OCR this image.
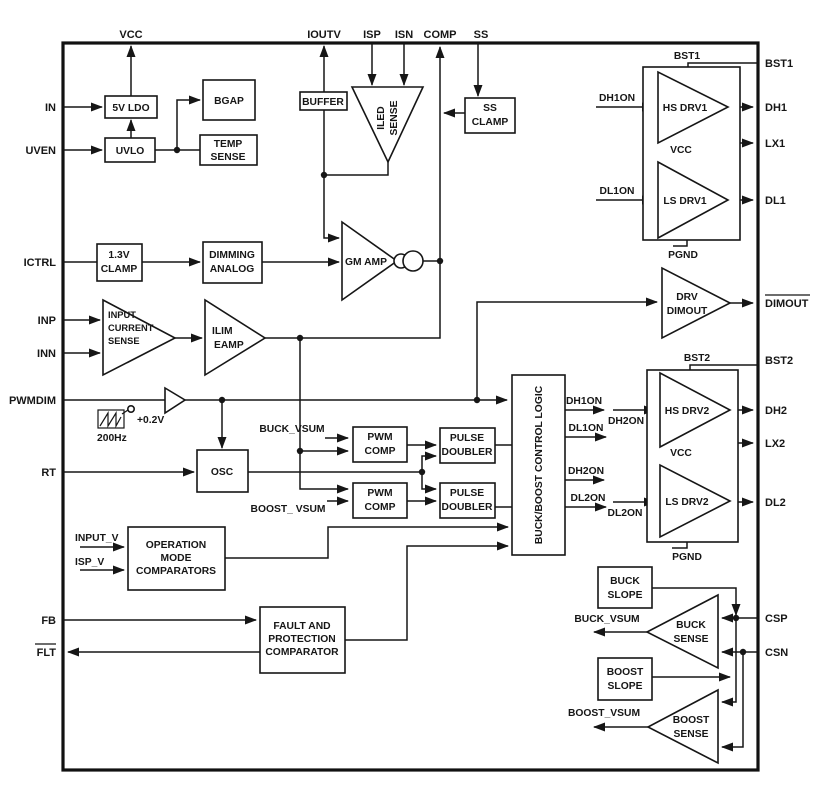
VCC	IOUTV ISP ISN COMP SS
IN
UVEN
ICTRL
INP
INN
PWMDIM
RT
FB
FLT
BST1
DH1
LX1
DL1
DIMOUT
BST2
DH2
LX2
DL2
CSP
CSN
5V LDO
UVLO
BGAP
TEMP
SENSE
BUFFER
SS
CLAMP
1.3V
CLAMP
DIMMING
ANALOG
OSC
PWM
COMP
PULSE
DOUBLER
PWM
COMP
PULSE
DOUBLER	BUCK/BOOST CONTROL LOGIC
OPERATION
MODE
COMPARATORS
FAULT AND
PROTECTION
COMPARATOR
BUCK
SLOPE
BOOST
SLOPE
ILED SENSE
GM AMP
INPUT
CURRENT
SENSE
ILIM
EAMP
DRV
DIMOUT
HS DRV1
LS DRV1
HS DRV2
LS DRV2
BUCK
SENSE
BOOST
SENSE
BST1
BST2
VCC
VCC
PGND
PGND
DH1ON
DL1ON
DH2ON
DL2ON
DH1ON
DL1ON
DH2ON
DL2ON
BUCK_VSUM
BOOST_ VSUM
BUCK_VSUM
BOOST_VSUM
INPUT_V
ISP_V
200Hz
+0.2V
